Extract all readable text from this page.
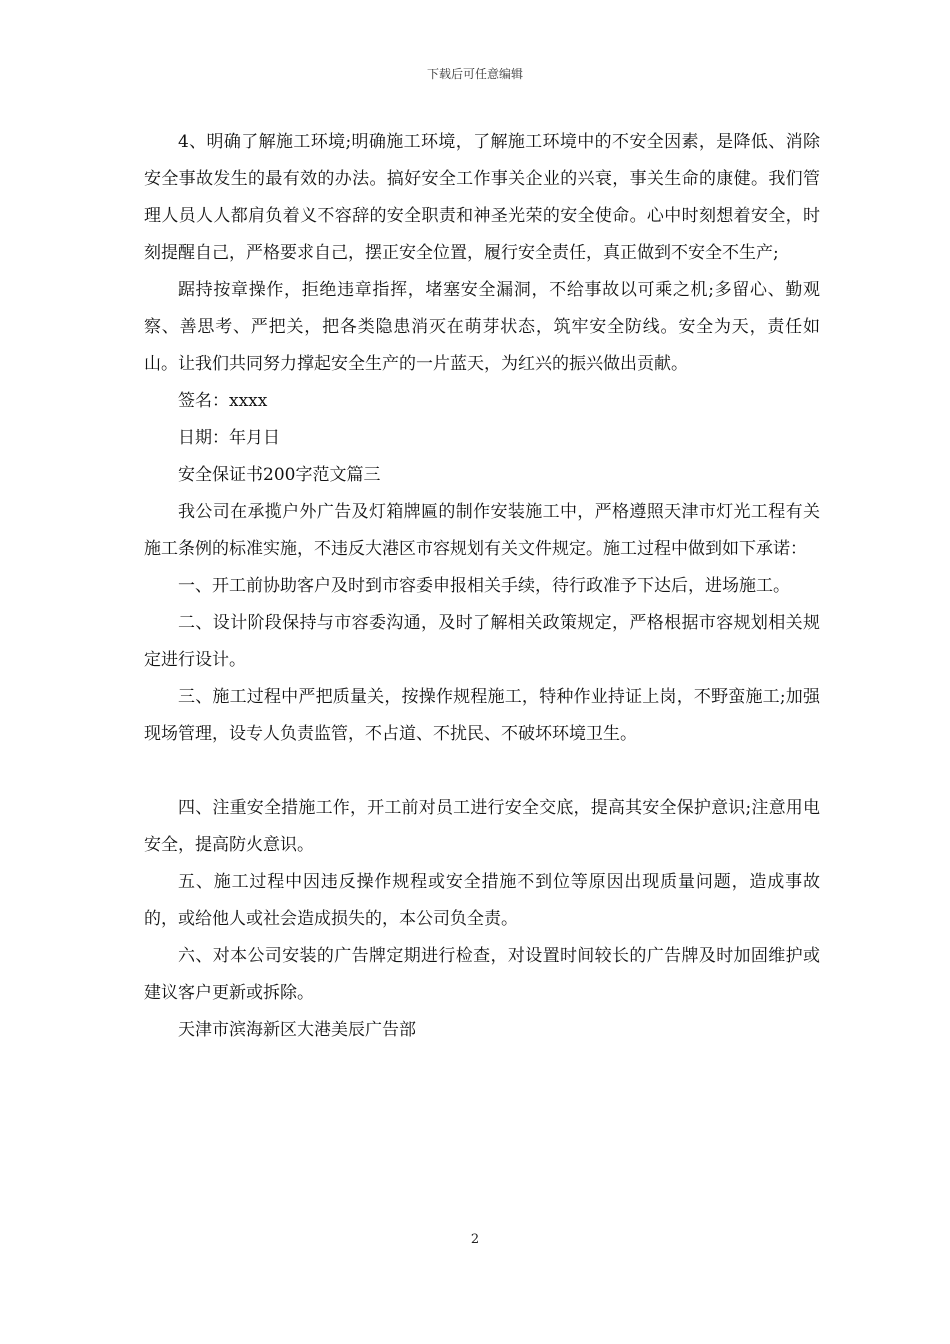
下载后可任意编辑

4、明确了解施工环境;明确施工环境，了解施工环境中的不安全因素，是降低、消除安全事故发生的最有效的办法。搞好安全工作事关企业的兴衰，事关生命的康健。我们管理人员人人都肩负着义不容辞的安全职责和神圣光荣的安全使命。心中时刻想着安全，时刻提醒自己，严格要求自己，摆正安全位置，履行安全责任，真正做到不安全不生产;

踞持按章操作，拒绝违章指挥，堵塞安全漏洞，不给事故以可乘之机;多留心、勤观察、善思考、严把关，把各类隐患消灭在萌芽状态，筑牢安全防线。安全为天，责任如山。让我们共同努力撑起安全生产的一片蓝天，为红兴的振兴做出贡献。

签名：xxxx

日期：年月日

安全保证书200字范文篇三

我公司在承揽户外广告及灯箱牌匾的制作安装施工中，严格遵照天津市灯光工程有关施工条例的标准实施，不违反大港区市容规划有关文件规定。施工过程中做到如下承诺：

一、开工前协助客户及时到市容委申报相关手续，待行政准予下达后，进场施工。

二、设计阶段保持与市容委沟通，及时了解相关政策规定，严格根据市容规划相关规定进行设计。

三、施工过程中严把质量关，按操作规程施工，特种作业持证上岗，不野蛮施工;加强现场管理，设专人负责监管，不占道、不扰民、不破坏环境卫生。

四、注重安全措施工作，开工前对员工进行安全交底，提高其安全保护意识;注意用电安全，提高防火意识。

五、施工过程中因违反操作规程或安全措施不到位等原因出现质量问题，造成事故的，或给他人或社会造成损失的，本公司负全责。

六、对本公司安装的广告牌定期进行检查，对设置时间较长的广告牌及时加固维护或建议客户更新或拆除。

天津市滨海新区大港美辰广告部

2
